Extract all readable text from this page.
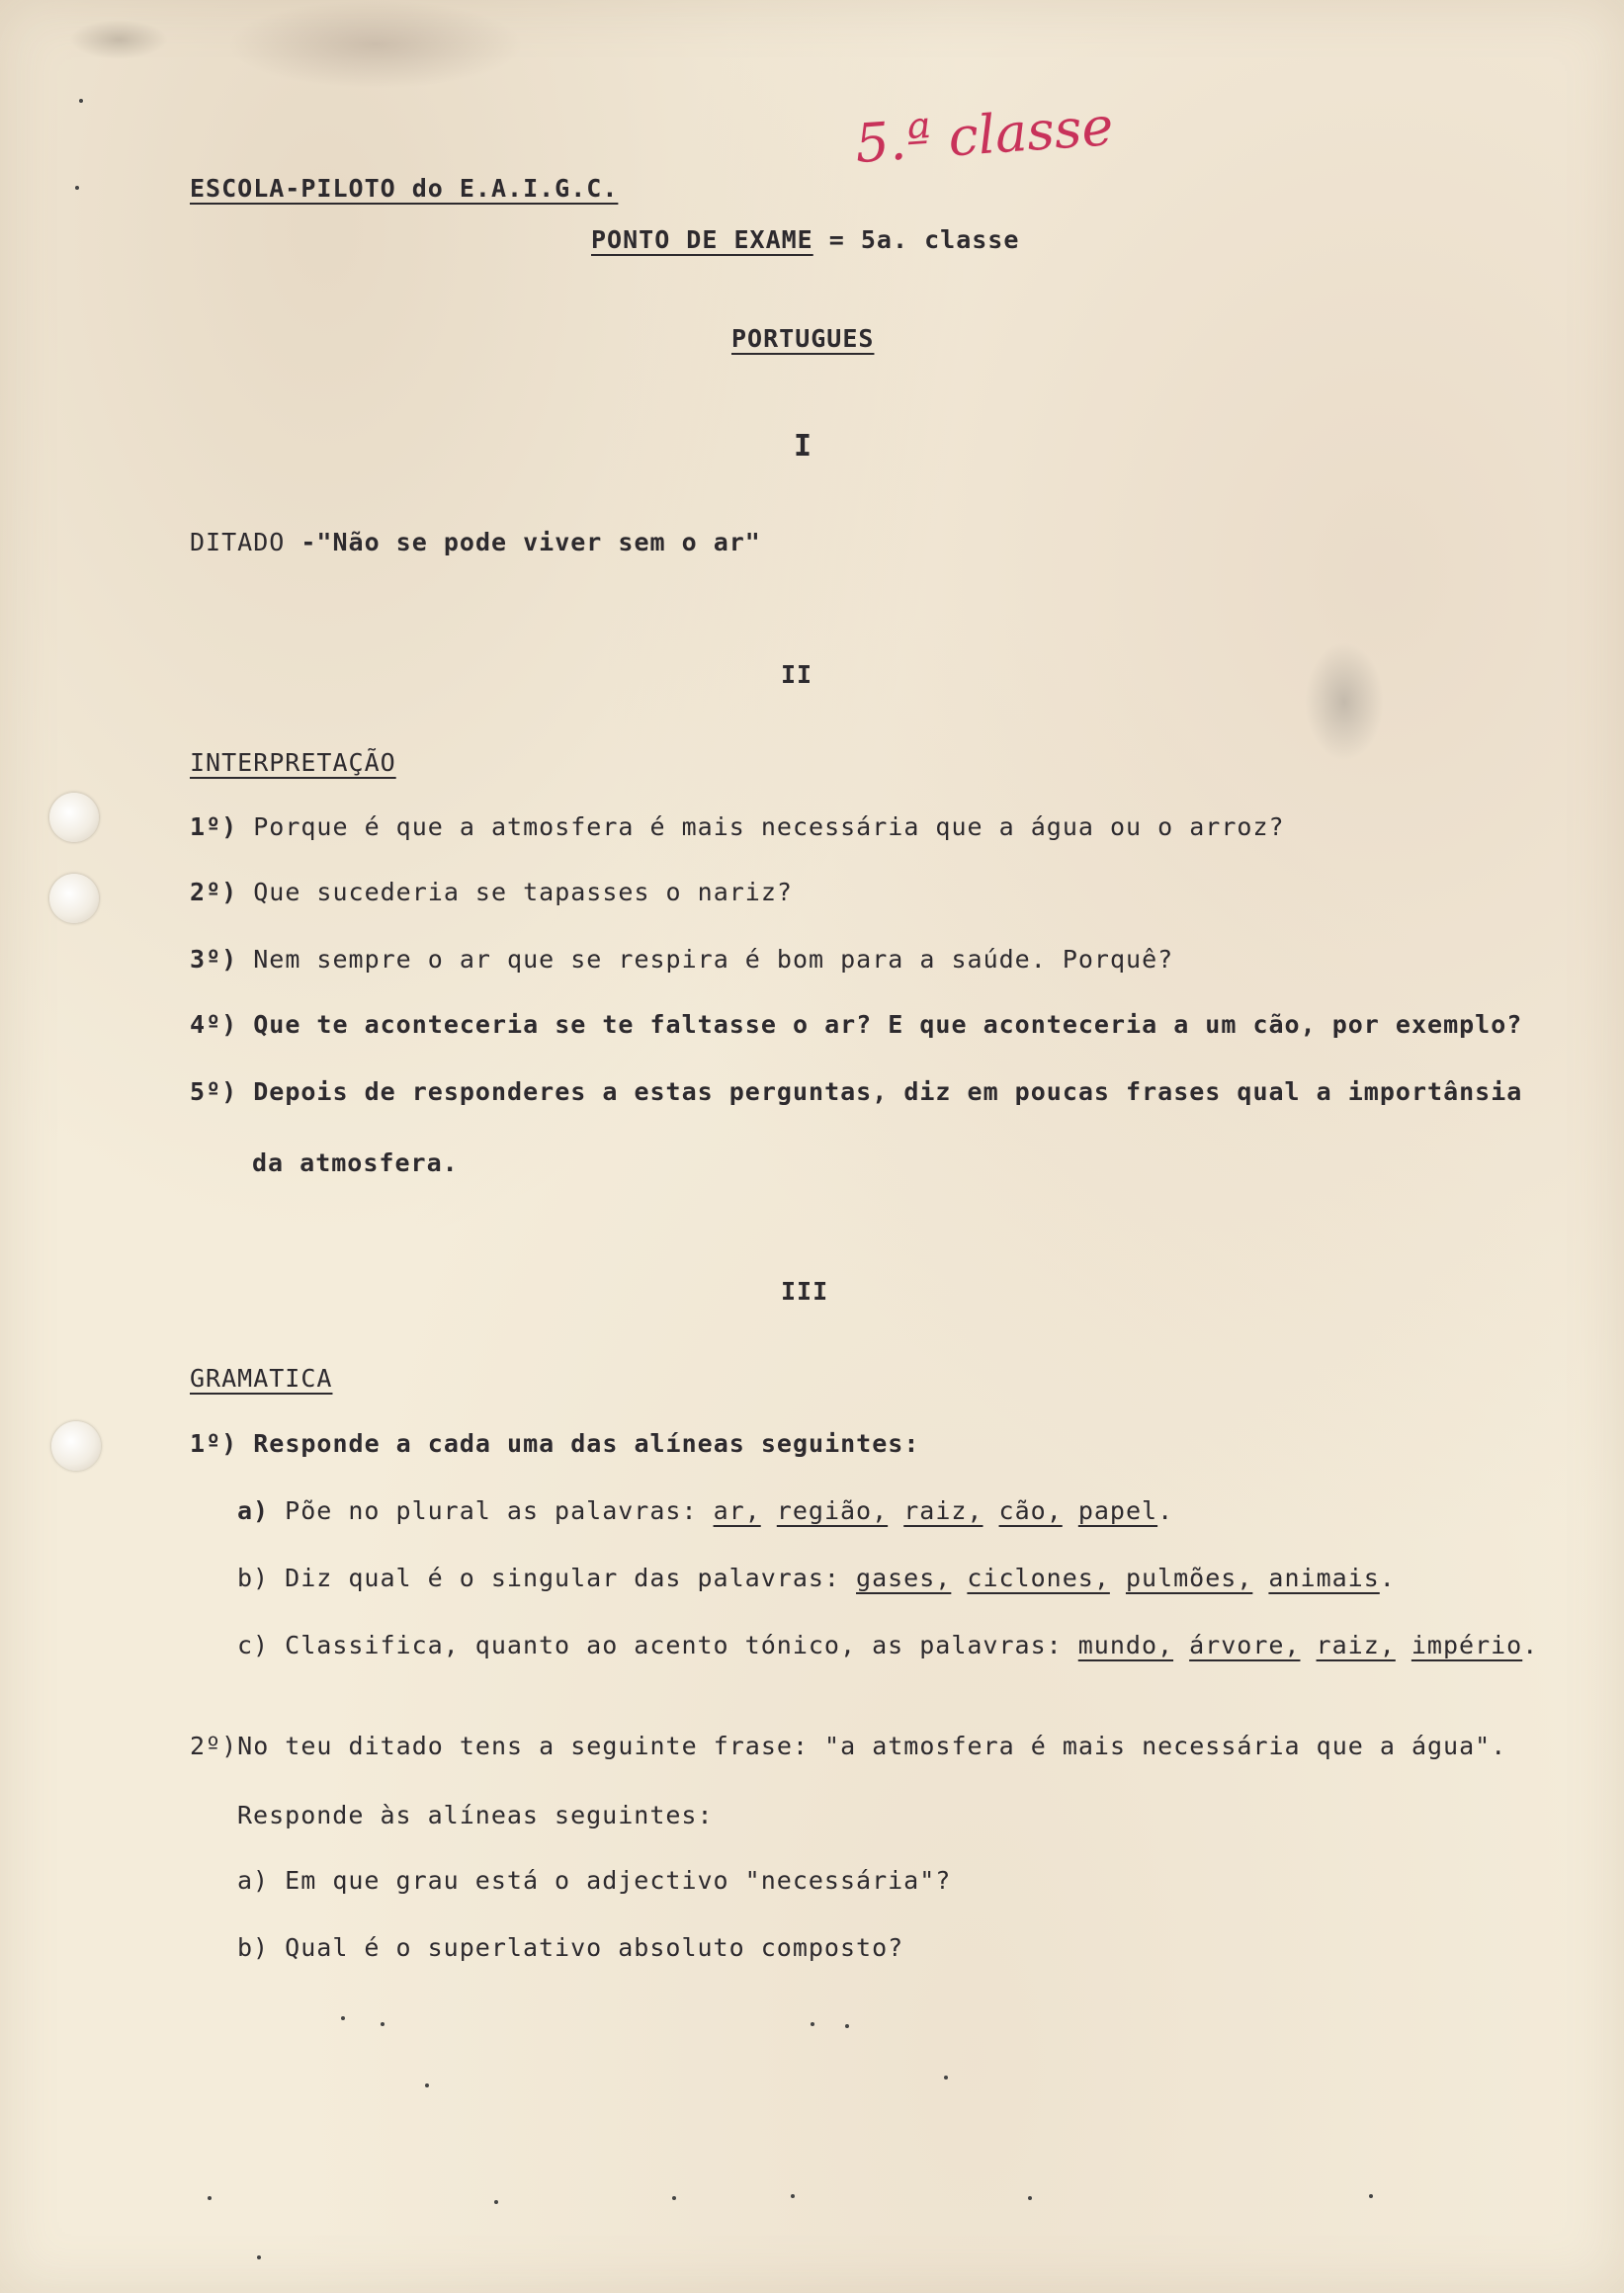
5.ª classe
ESCOLA-PILOTO do E.A.I.G.C.
PONTO DE EXAME = 5a. classe
PORTUGUES
I
DITADO -"Não se pode viver sem o ar"
II
INTERPRETAÇÃO
1º) Porque é que a atmosfera é mais necessária que a água ou o arroz?
2º) Que sucederia se tapasses o nariz?
3º) Nem sempre o ar que se respira é bom para a saúde. Porquê?
4º) Que te aconteceria se te faltasse o ar? E que aconteceria a um cão, por exemplo?
5º) Depois de responderes a estas perguntas, diz em poucas frases qual a importânsia
da atmosfera.
III
GRAMATICA
1º) Responde a cada uma das alíneas seguintes:
a) Põe no plural as palavras: ar, região, raiz, cão, papel.
b) Diz qual é o singular das palavras: gases, ciclones, pulmões, animais.
c) Classifica, quanto ao acento tónico, as palavras: mundo, árvore, raiz, império.
2º)No teu ditado tens a seguinte frase: "a atmosfera é mais necessária que a água".
Responde às alíneas seguintes:
a) Em que grau está o adjectivo "necessária"?
b) Qual é o superlativo absoluto composto?
